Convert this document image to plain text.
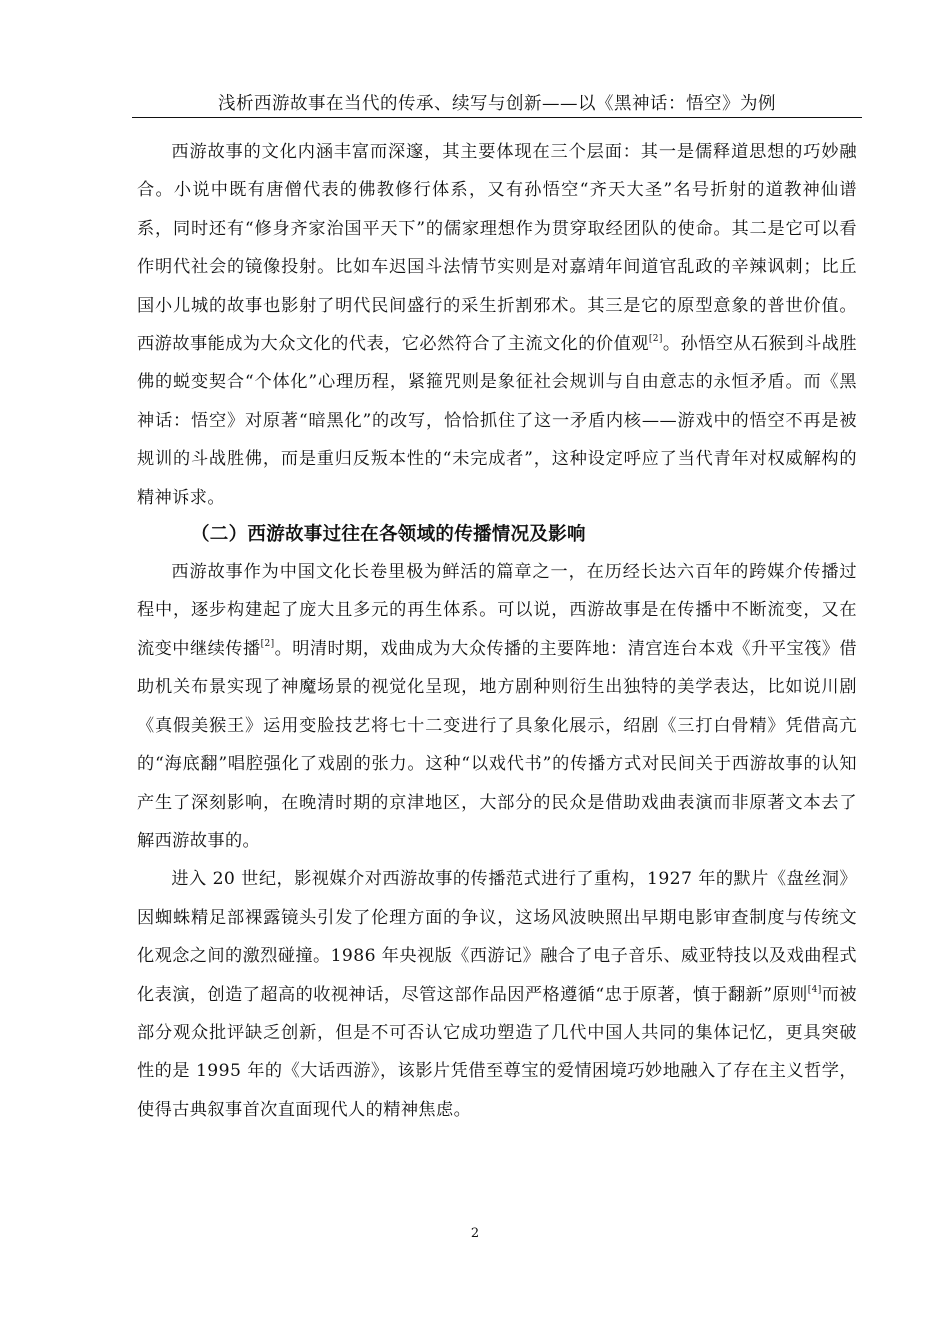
浅析西游故事在当代的传承、续写与创新——以《黑神话：悟空》为例

西游故事的文化内涵丰富而深邃，其主要体现在三个层面：其一是儒释道思想的巧妙融合。小说中既有唐僧代表的佛教修行体系，又有孙悟空“齐天大圣”名号折射的道教神仙谱系，同时还有“修身齐家治国平天下”的儒家理想作为贯穿取经团队的使命。其二是它可以看作明代社会的镜像投射。比如车迟国斗法情节实则是对嘉靖年间道官乱政的辛辣讽刺；比丘国小儿城的故事也影射了明代民间盛行的采生折割邪术。其三是它的原型意象的普世价值。西游故事能成为大众文化的代表，它必然符合了主流文化的价值观[2]。孙悟空从石猴到斗战胜佛的蜕变契合“个体化”心理历程，紧箍咒则是象征社会规训与自由意志的永恒矛盾。而《黑神话：悟空》对原著“暗黑化”的改写，恰恰抓住了这一矛盾内核——游戏中的悟空不再是被规训的斗战胜佛，而是重归反叛本性的“未完成者”，这种设定呼应了当代青年对权威解构的精神诉求。

（二）西游故事过往在各领域的传播情况及影响

西游故事作为中国文化长卷里极为鲜活的篇章之一，在历经长达六百年的跨媒介传播过程中，逐步构建起了庞大且多元的再生体系。可以说，西游故事是在传播中不断流变，又在流变中继续传播[2]。明清时期，戏曲成为大众传播的主要阵地：清宫连台本戏《升平宝筏》借助机关布景实现了神魔场景的视觉化呈现，地方剧种则衍生出独特的美学表达，比如说川剧《真假美猴王》运用变脸技艺将七十二变进行了具象化展示，绍剧《三打白骨精》凭借高亢的“海底翻”唱腔强化了戏剧的张力。这种“以戏代书”的传播方式对民间关于西游故事的认知产生了深刻影响，在晚清时期的京津地区，大部分的民众是借助戏曲表演而非原著文本去了解西游故事的。

进入 20 世纪，影视媒介对西游故事的传播范式进行了重构，1927 年的默片《盘丝洞》因蜘蛛精足部裸露镜头引发了伦理方面的争议，这场风波映照出早期电影审查制度与传统文化观念之间的激烈碰撞。1986 年央视版《西游记》融合了电子音乐、威亚特技以及戏曲程式化表演，创造了超高的收视神话，尽管这部作品因严格遵循“忠于原著，慎于翻新”原则[4]而被部分观众批评缺乏创新，但是不可否认它成功塑造了几代中国人共同的集体记忆，更具突破性的是 1995 年的《大话西游》，该影片凭借至尊宝的爱情困境巧妙地融入了存在主义哲学，使得古典叙事首次直面现代人的精神焦虑。

2
